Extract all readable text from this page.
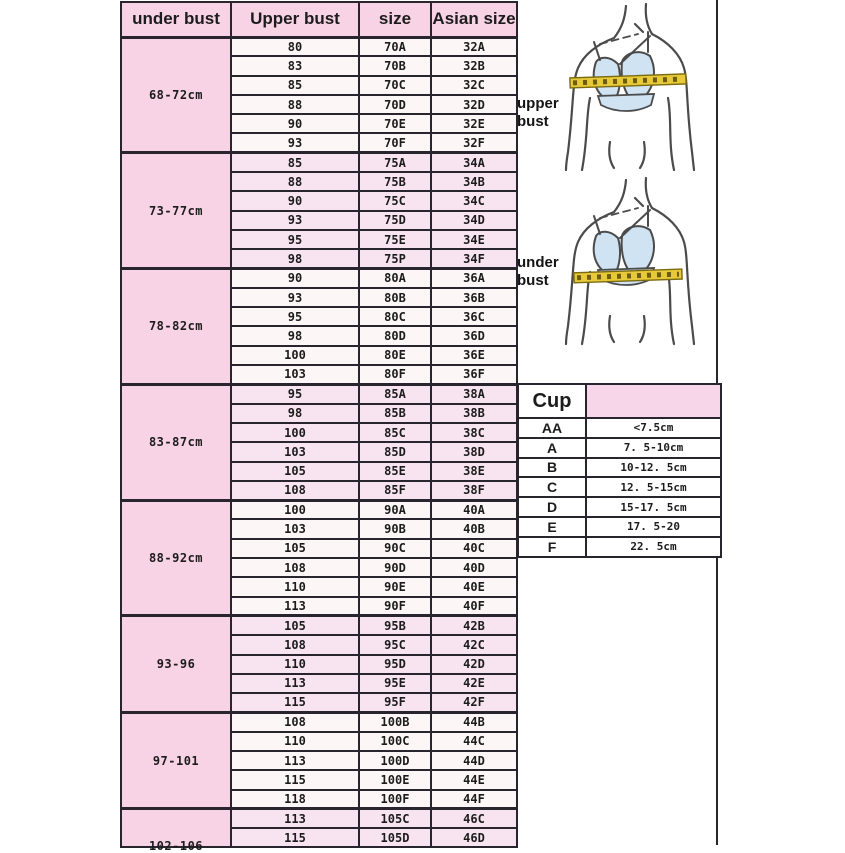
under bust	Upper bust	size	Asian size
68-72cm	80	70A	32A
	83	70B	32B
	85	70C	32C
	88	70D	32D
	90	70E	32E
	93	70F	32F
73-77cm	85	75A	34A
	88	75B	34B
	90	75C	34C
	93	75D	34D
	95	75E	34E
	98	75P	34F
78-82cm	90	80A	36A
	93	80B	36B
	95	80C	36C
	98	80D	36D
	100	80E	36E
	103	80F	36F
83-87cm	95	85A	38A
	98	85B	38B
	100	85C	38C
	103	85D	38D
	105	85E	38E
	108	85F	38F
88-92cm	100	90A	40A
	103	90B	40B
	105	90C	40C
	108	90D	40D
	110	90E	40E
	113	90F	40F
93-96	105	95B	42B
	108	95C	42C
	110	95D	42D
	113	95E	42E
	115	95F	42F
97-101	108	100B	44B
	110	100C	44C
	113	100D	44D
	115	100E	44E
	118	100F	44F
102-106	113	105C	46C
	115	105D	46D
upper bust
under bust
Cup	
AA	<7.5cm
A	7. 5-10cm
B	10-12. 5cm
C	12. 5-15cm
D	15-17. 5cm
E	17. 5-20
F	22. 5cm
